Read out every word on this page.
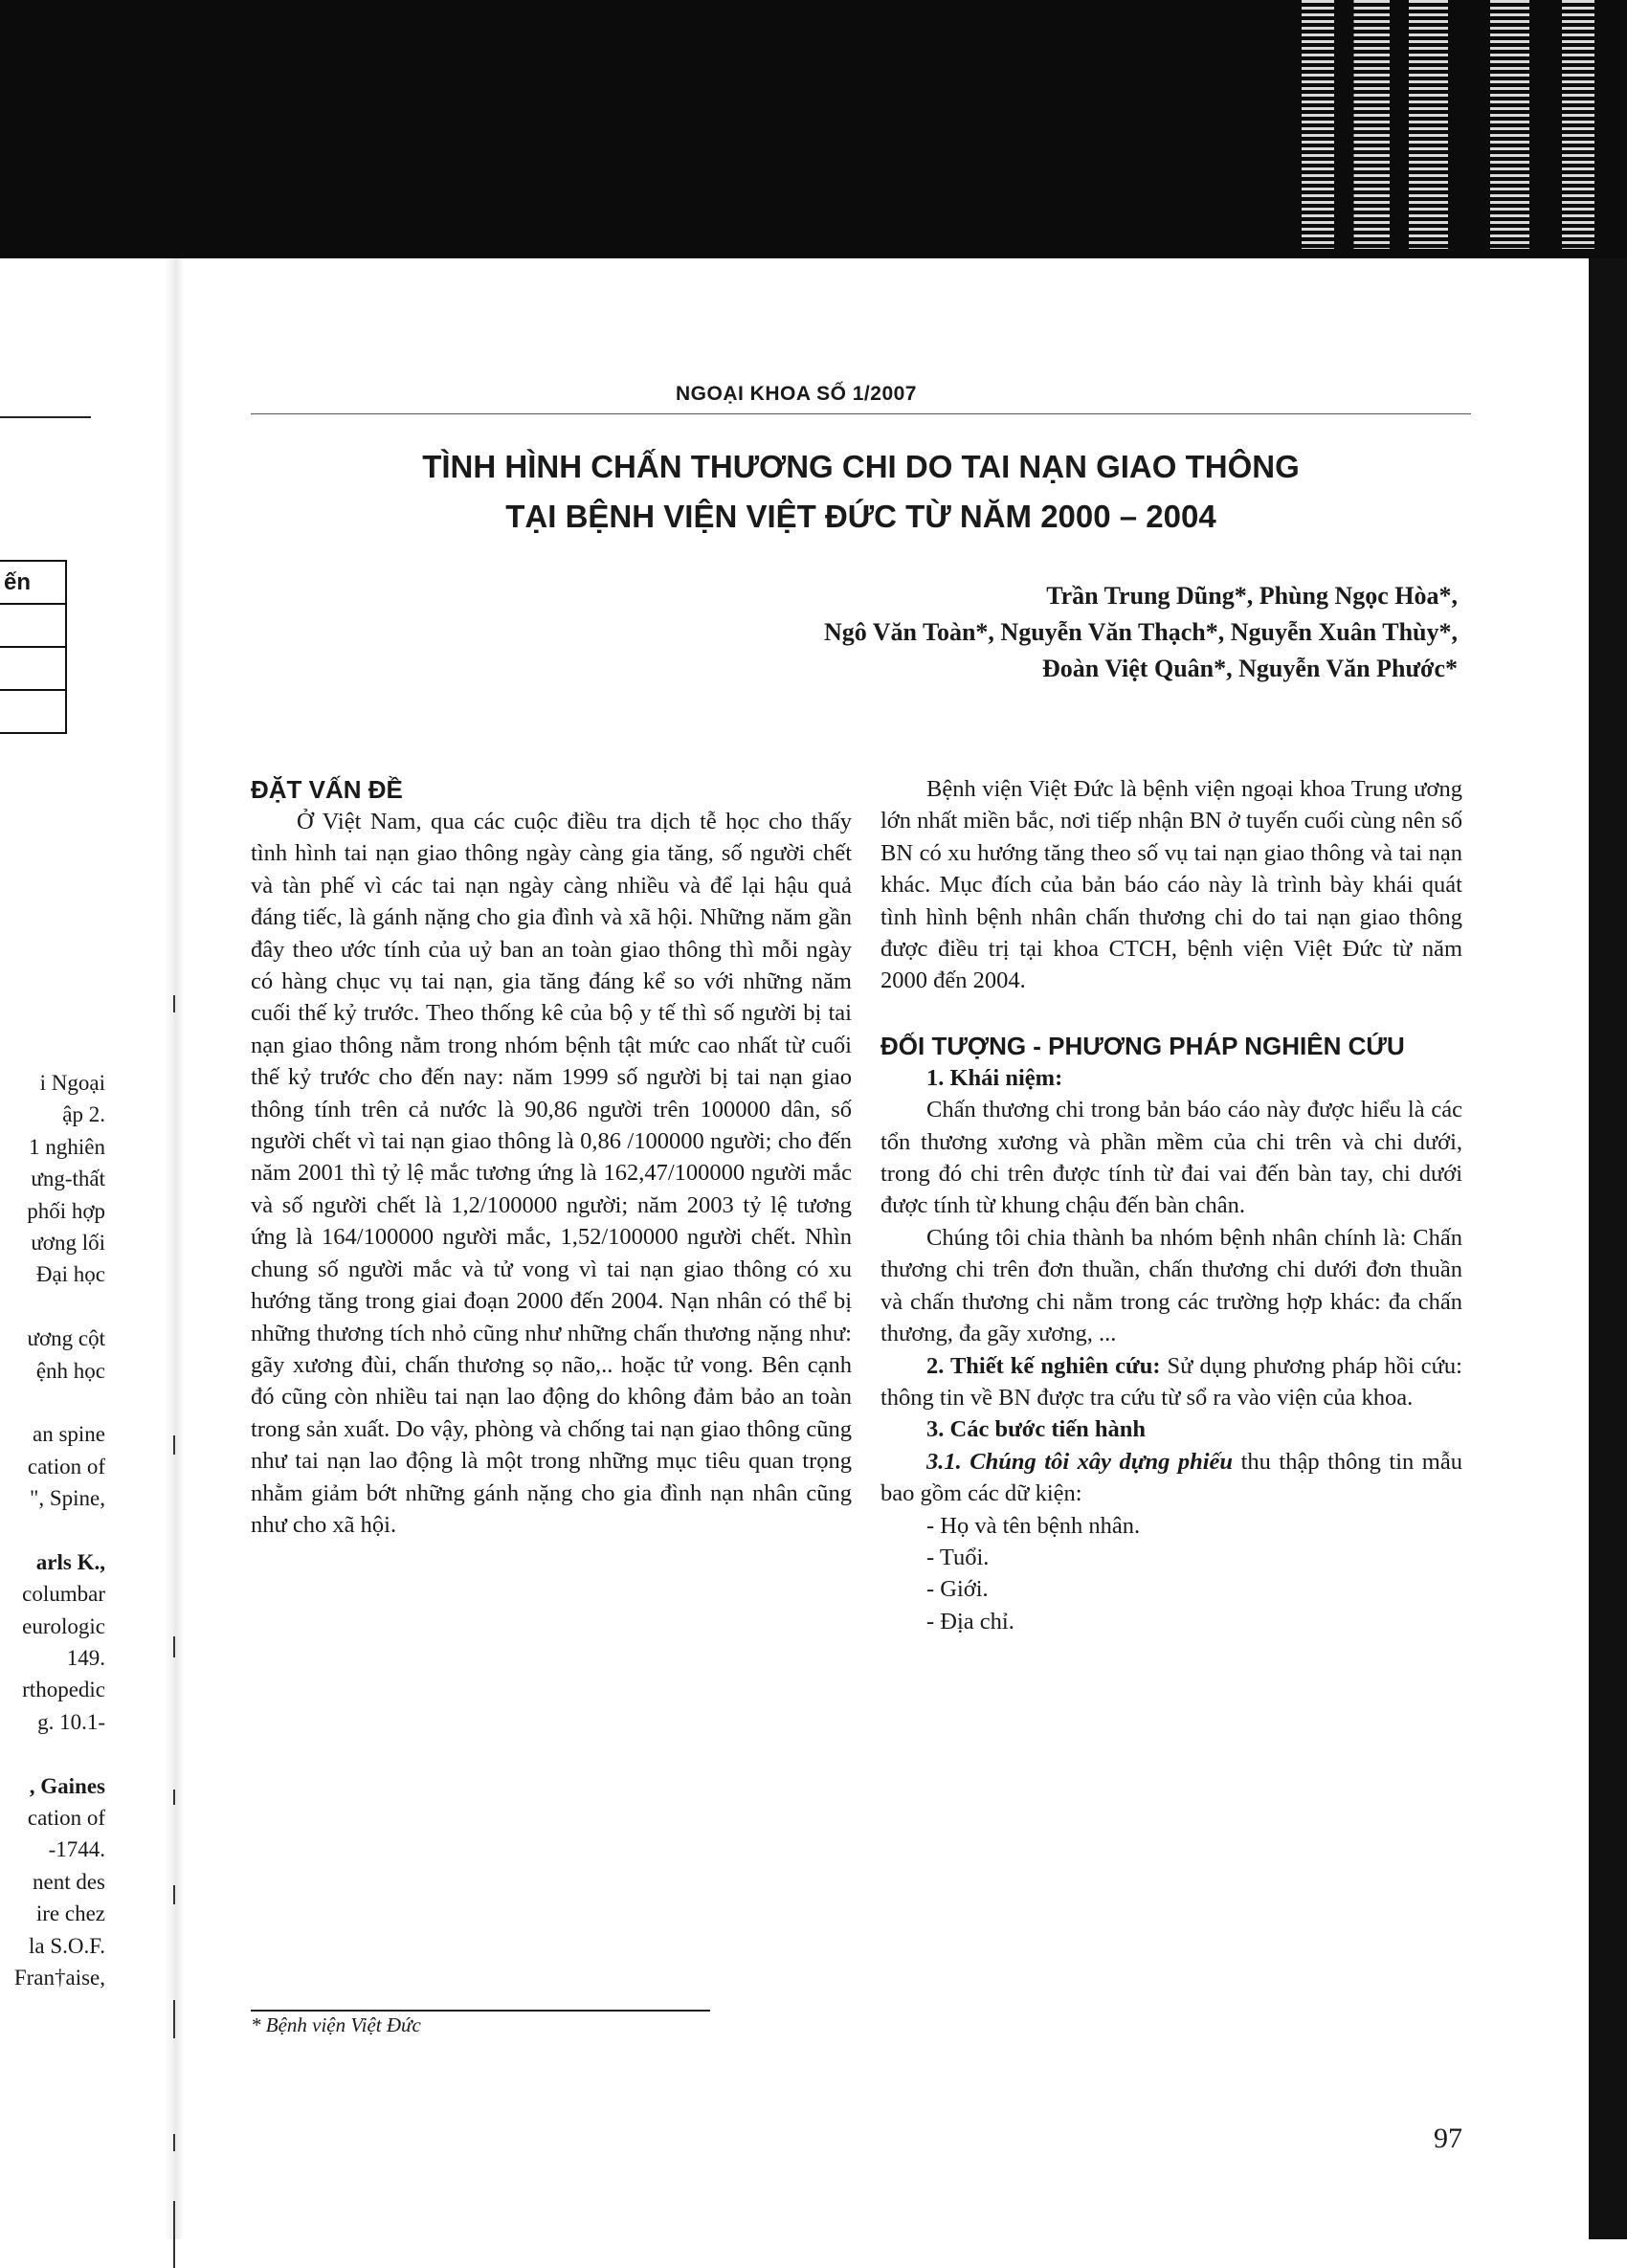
ến

i Ngoại
ập 2.
1 nghiên
ưng-thất
phối hợp
ương lối
Đại học
ương cột
ệnh học
an spine
cation of
", Spine,
arls K.,
columbar
eurologic
149.
rthopedic
g. 10.1-
, Gaines
cation of
-1744.
nent des
ire chez
la S.O.F.
Fran†aise,
NGOẠI KHOA SỐ 1/2007
TÌNH HÌNH CHẤN THƯƠNG CHI DO TAI NẠN GIAO THÔNG
TẠI BỆNH VIỆN VIỆT ĐỨC TỪ NĂM 2000 – 2004
Trần Trung Dũng*, Phùng Ngọc Hòa*,
Ngô Văn Toàn*, Nguyễn Văn Thạch*, Nguyễn Xuân Thùy*,
Đoàn Việt Quân*, Nguyễn Văn Phước*
ĐẶT VẤN ĐỀ

Ở Việt Nam, qua các cuộc điều tra dịch tễ học cho thấy tình hình tai nạn giao thông ngày càng gia tăng, số người chết và tàn phế vì các tai nạn ngày càng nhiều và để lại hậu quả đáng tiếc, là gánh nặng cho gia đình và xã hội. Những năm gần đây theo ước tính của uỷ ban an toàn giao thông thì mỗi ngày có hàng chục vụ tai nạn, gia tăng đáng kể so với những năm cuối thế kỷ trước. Theo thống kê của bộ y tế thì số người bị tai nạn giao thông nằm trong nhóm bệnh tật mức cao nhất từ cuối thế kỷ trước cho đến nay: năm 1999 số người bị tai nạn giao thông tính trên cả nước là 90,86 người trên 100000 dân, số người chết vì tai nạn giao thông là 0,86 /100000 người; cho đến năm 2001 thì tỷ lệ mắc tương ứng là 162,47/100000 người mắc và số người chết là 1,2/100000 người; năm 2003 tỷ lệ tương ứng là 164/100000 người mắc, 1,52/100000 người chết. Nhìn chung số người mắc và tử vong vì tai nạn giao thông có xu hướng tăng trong giai đoạn 2000 đến 2004. Nạn nhân có thể bị những thương tích nhỏ cũng như những chấn thương nặng như: gãy xương đùi, chấn thương sọ não,.. hoặc tử vong. Bên cạnh đó cũng còn nhiều tai nạn lao động do không đảm bảo an toàn trong sản xuất. Do vậy, phòng và chống tai nạn giao thông cũng như tai nạn lao động là một trong những mục tiêu quan trọng nhằm giảm bớt những gánh nặng cho gia đình nạn nhân cũng như cho xã hội.

Bệnh viện Việt Đức là bệnh viện ngoại khoa Trung ương lớn nhất miền bắc, nơi tiếp nhận BN ở tuyến cuối cùng nên số BN có xu hướng tăng theo số vụ tai nạn giao thông và tai nạn khác. Mục đích của bản báo cáo này là trình bày khái quát tình hình bệnh nhân chấn thương chi do tai nạn giao thông được điều trị tại khoa CTCH, bệnh viện Việt Đức từ năm 2000 đến 2004.

ĐỐI TƯỢNG - PHƯƠNG PHÁP NGHIÊN CỨU

1. Khái niệm:

Chấn thương chi trong bản báo cáo này được hiểu là các tổn thương xương và phần mềm của chi trên và chi dưới, trong đó chi trên được tính từ đai vai đến bàn tay, chi dưới được tính từ khung chậu đến bàn chân.

Chúng tôi chia thành ba nhóm bệnh nhân chính là: Chấn thương chi trên đơn thuần, chấn thương chi dưới đơn thuần và chấn thương chi nằm trong các trường hợp khác: đa chấn thương, đa gãy xương, ...

2. Thiết kế nghiên cứu: Sử dụng phương pháp hồi cứu: thông tin về BN được tra cứu từ sổ ra vào viện của khoa.

3. Các bước tiến hành

3.1. Chúng tôi xây dựng phiếu thu thập thông tin mẫu bao gồm các dữ kiện:

- Họ và tên bệnh nhân.

- Tuổi.

- Giới.

- Địa chỉ.

* Bệnh viện Việt Đức
97
